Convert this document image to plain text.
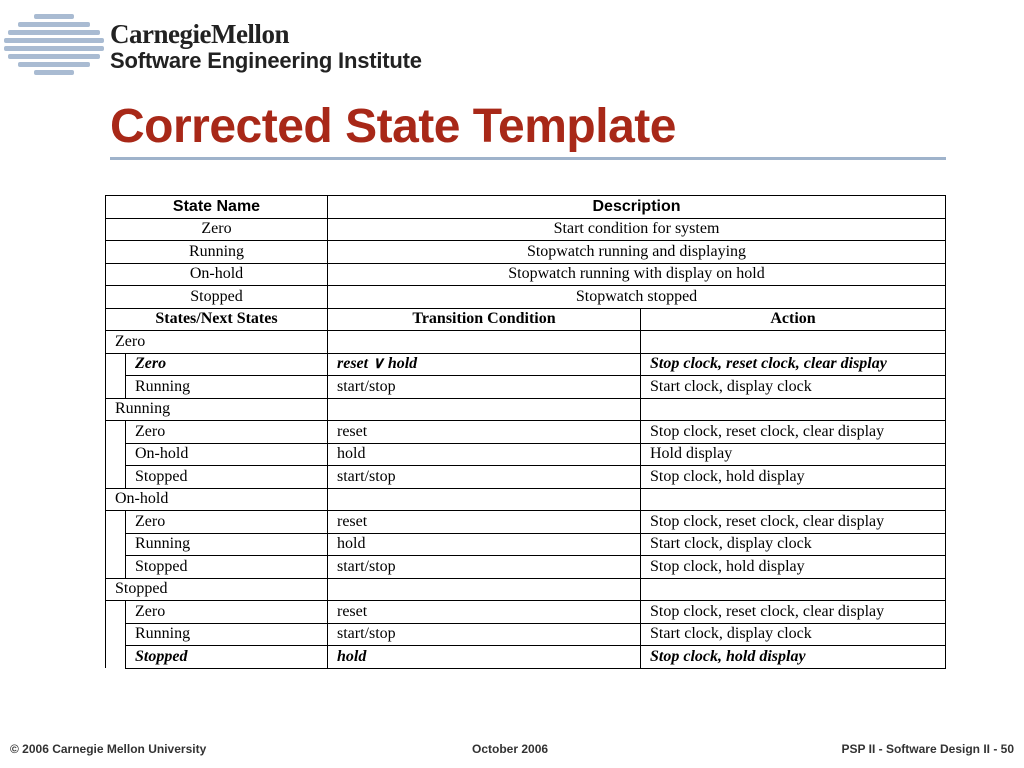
CarnegieMellon
Software Engineering Institute
Corrected State Template
State Name		Description	
Zero		Start condition for system	
Running		Stopwatch running and displaying	
On-hold		Stopwatch running with display on hold	
Stopped		Stopwatch stopped	
States/Next States		Transition Condition	Action
Zero			
	Zero	reset ∨ hold	Stop clock, reset clock, clear display
	Running	start/stop	Start clock, display clock
Running			
	Zero	reset	Stop clock, reset clock, clear display
	On-hold	hold	Hold display
	Stopped	start/stop	Stop clock, hold display
On-hold			
	Zero	reset	Stop clock, reset clock, clear display
	Running	hold	Start clock, display clock
	Stopped	start/stop	Stop clock, hold display
Stopped			
	Zero	reset	Stop clock, reset clock, clear display
	Running	start/stop	Start clock, display clock
	Stopped	hold	Stop clock, hold display
© 2006 Carnegie Mellon University	October 2006	PSP II - Software Design II - 50
